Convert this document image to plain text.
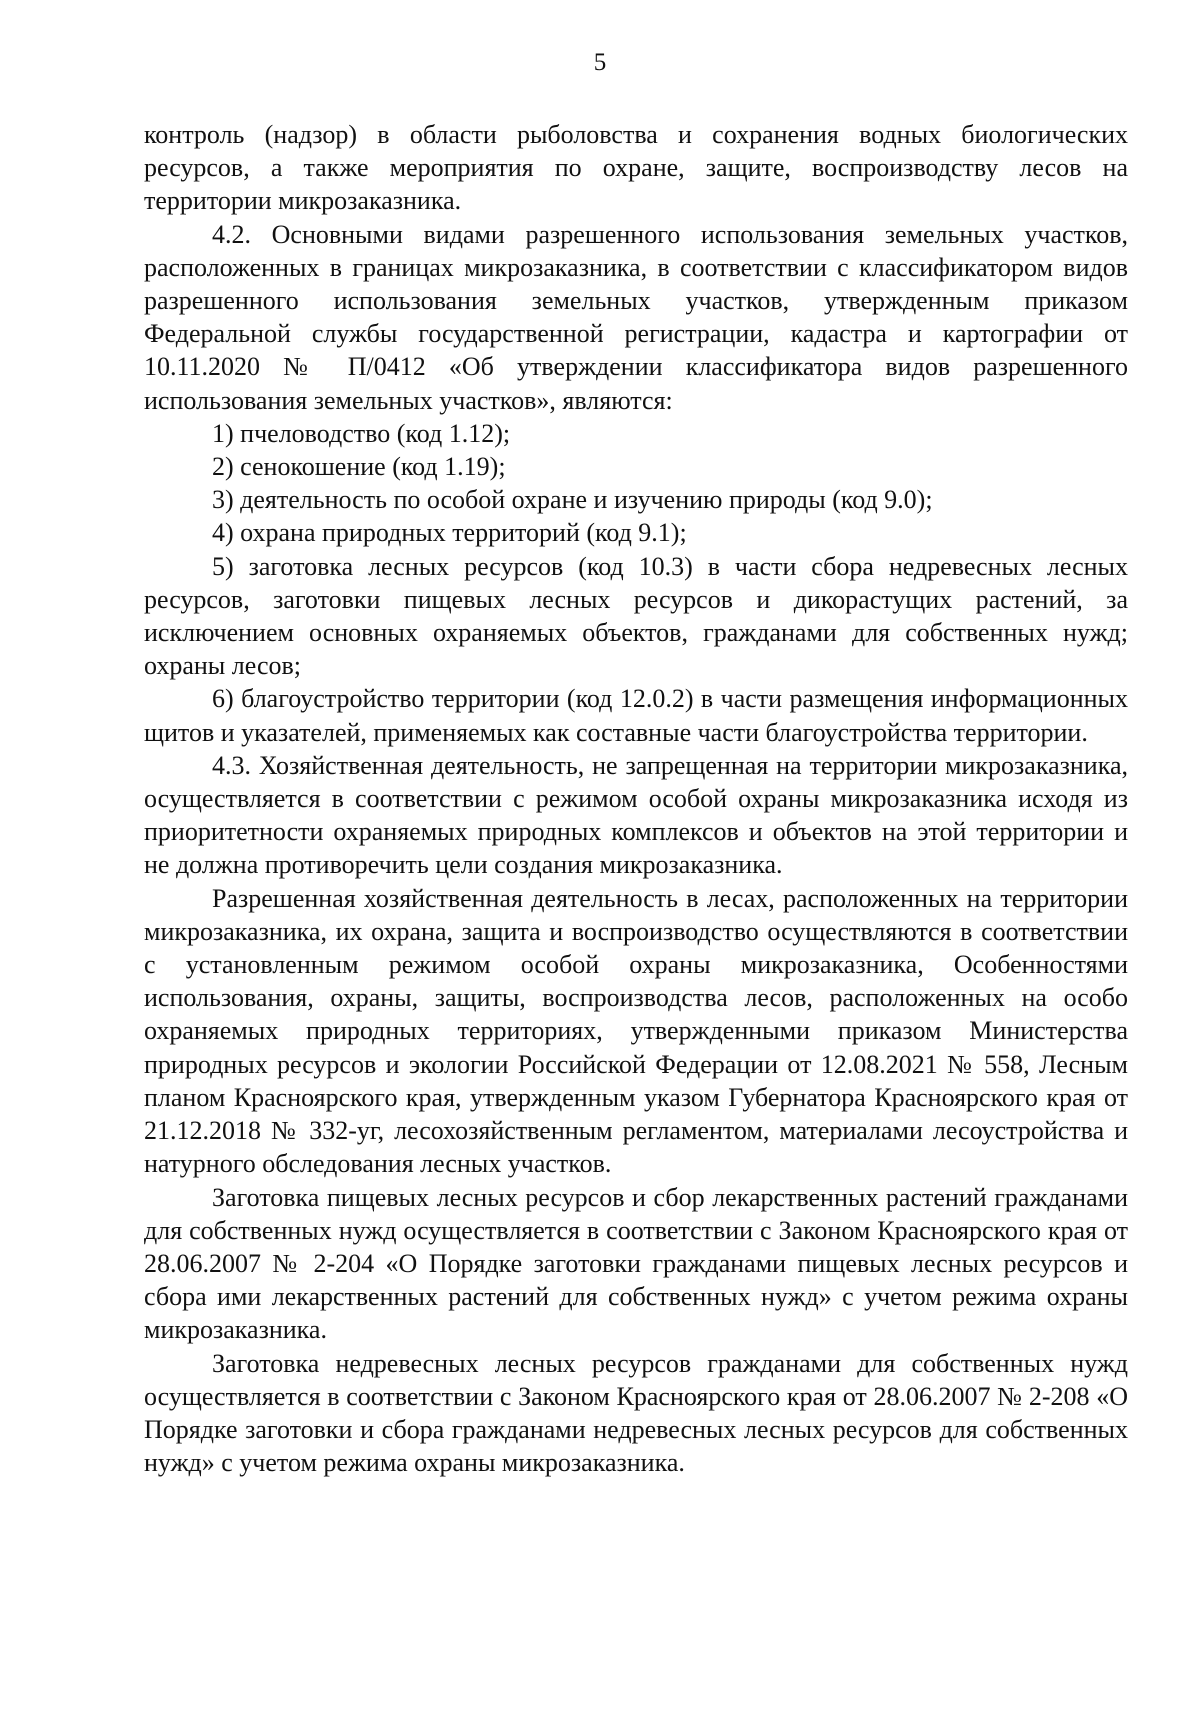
5

контроль (надзор) в области рыболовства и сохранения водных биологических ресурсов, а также мероприятия по охране, защите, воспроизводству лесов на территории микрозаказника.

4.2. Основными видами разрешенного использования земельных участков, расположенных в границах микрозаказника, в соответствии с классификатором видов разрешенного использования земельных участков, утвержденным приказом Федеральной службы государственной регистрации, кадастра и картографии от 10.11.2020 № П/0412 «Об утверждении классификатора видов разрешенного использования земельных участков», являются:

1) пчеловодство (код 1.12);

2) сенокошение (код 1.19);

3) деятельность по особой охране и изучению природы (код 9.0);

4) охрана природных территорий (код 9.1);

5) заготовка лесных ресурсов (код 10.3) в части сбора недревесных лесных ресурсов, заготовки пищевых лесных ресурсов и дикорастущих растений, за исключением основных охраняемых объектов, гражданами для собственных нужд; охраны лесов;

6) благоустройство территории (код 12.0.2) в части размещения информационных щитов и указателей, применяемых как составные части благоустройства территории.

4.3. Хозяйственная деятельность, не запрещенная на территории микрозаказника, осуществляется в соответствии с режимом особой охраны микрозаказника исходя из приоритетности охраняемых природных комплексов и объектов на этой территории и не должна противоречить цели создания микрозаказника.

Разрешенная хозяйственная деятельность в лесах, расположенных на территории микрозаказника, их охрана, защита и воспроизводство осуществляются в соответствии с установленным режимом особой охраны микрозаказника, Особенностями использования, охраны, защиты, воспроизводства лесов, расположенных на особо охраняемых природных территориях, утвержденными приказом Министерства природных ресурсов и экологии Российской Федерации от 12.08.2021 № 558, Лесным планом Красноярского края, утвержденным указом Губернатора Красноярского края от 21.12.2018 № 332-уг, лесохозяйственным регламентом, материалами лесоустройства и натурного обследования лесных участков.

Заготовка пищевых лесных ресурсов и сбор лекарственных растений гражданами для собственных нужд осуществляется в соответствии с Законом Красноярского края от 28.06.2007 № 2-204 «О Порядке заготовки гражданами пищевых лесных ресурсов и сбора ими лекарственных растений для собственных нужд» с учетом режима охраны микрозаказника.

Заготовка недревесных лесных ресурсов гражданами для собственных нужд осуществляется в соответствии с Законом Красноярского края от 28.06.2007 № 2-208 «О Порядке заготовки и сбора гражданами недревесных лесных ресурсов для собственных нужд» с учетом режима охраны микрозаказника.
